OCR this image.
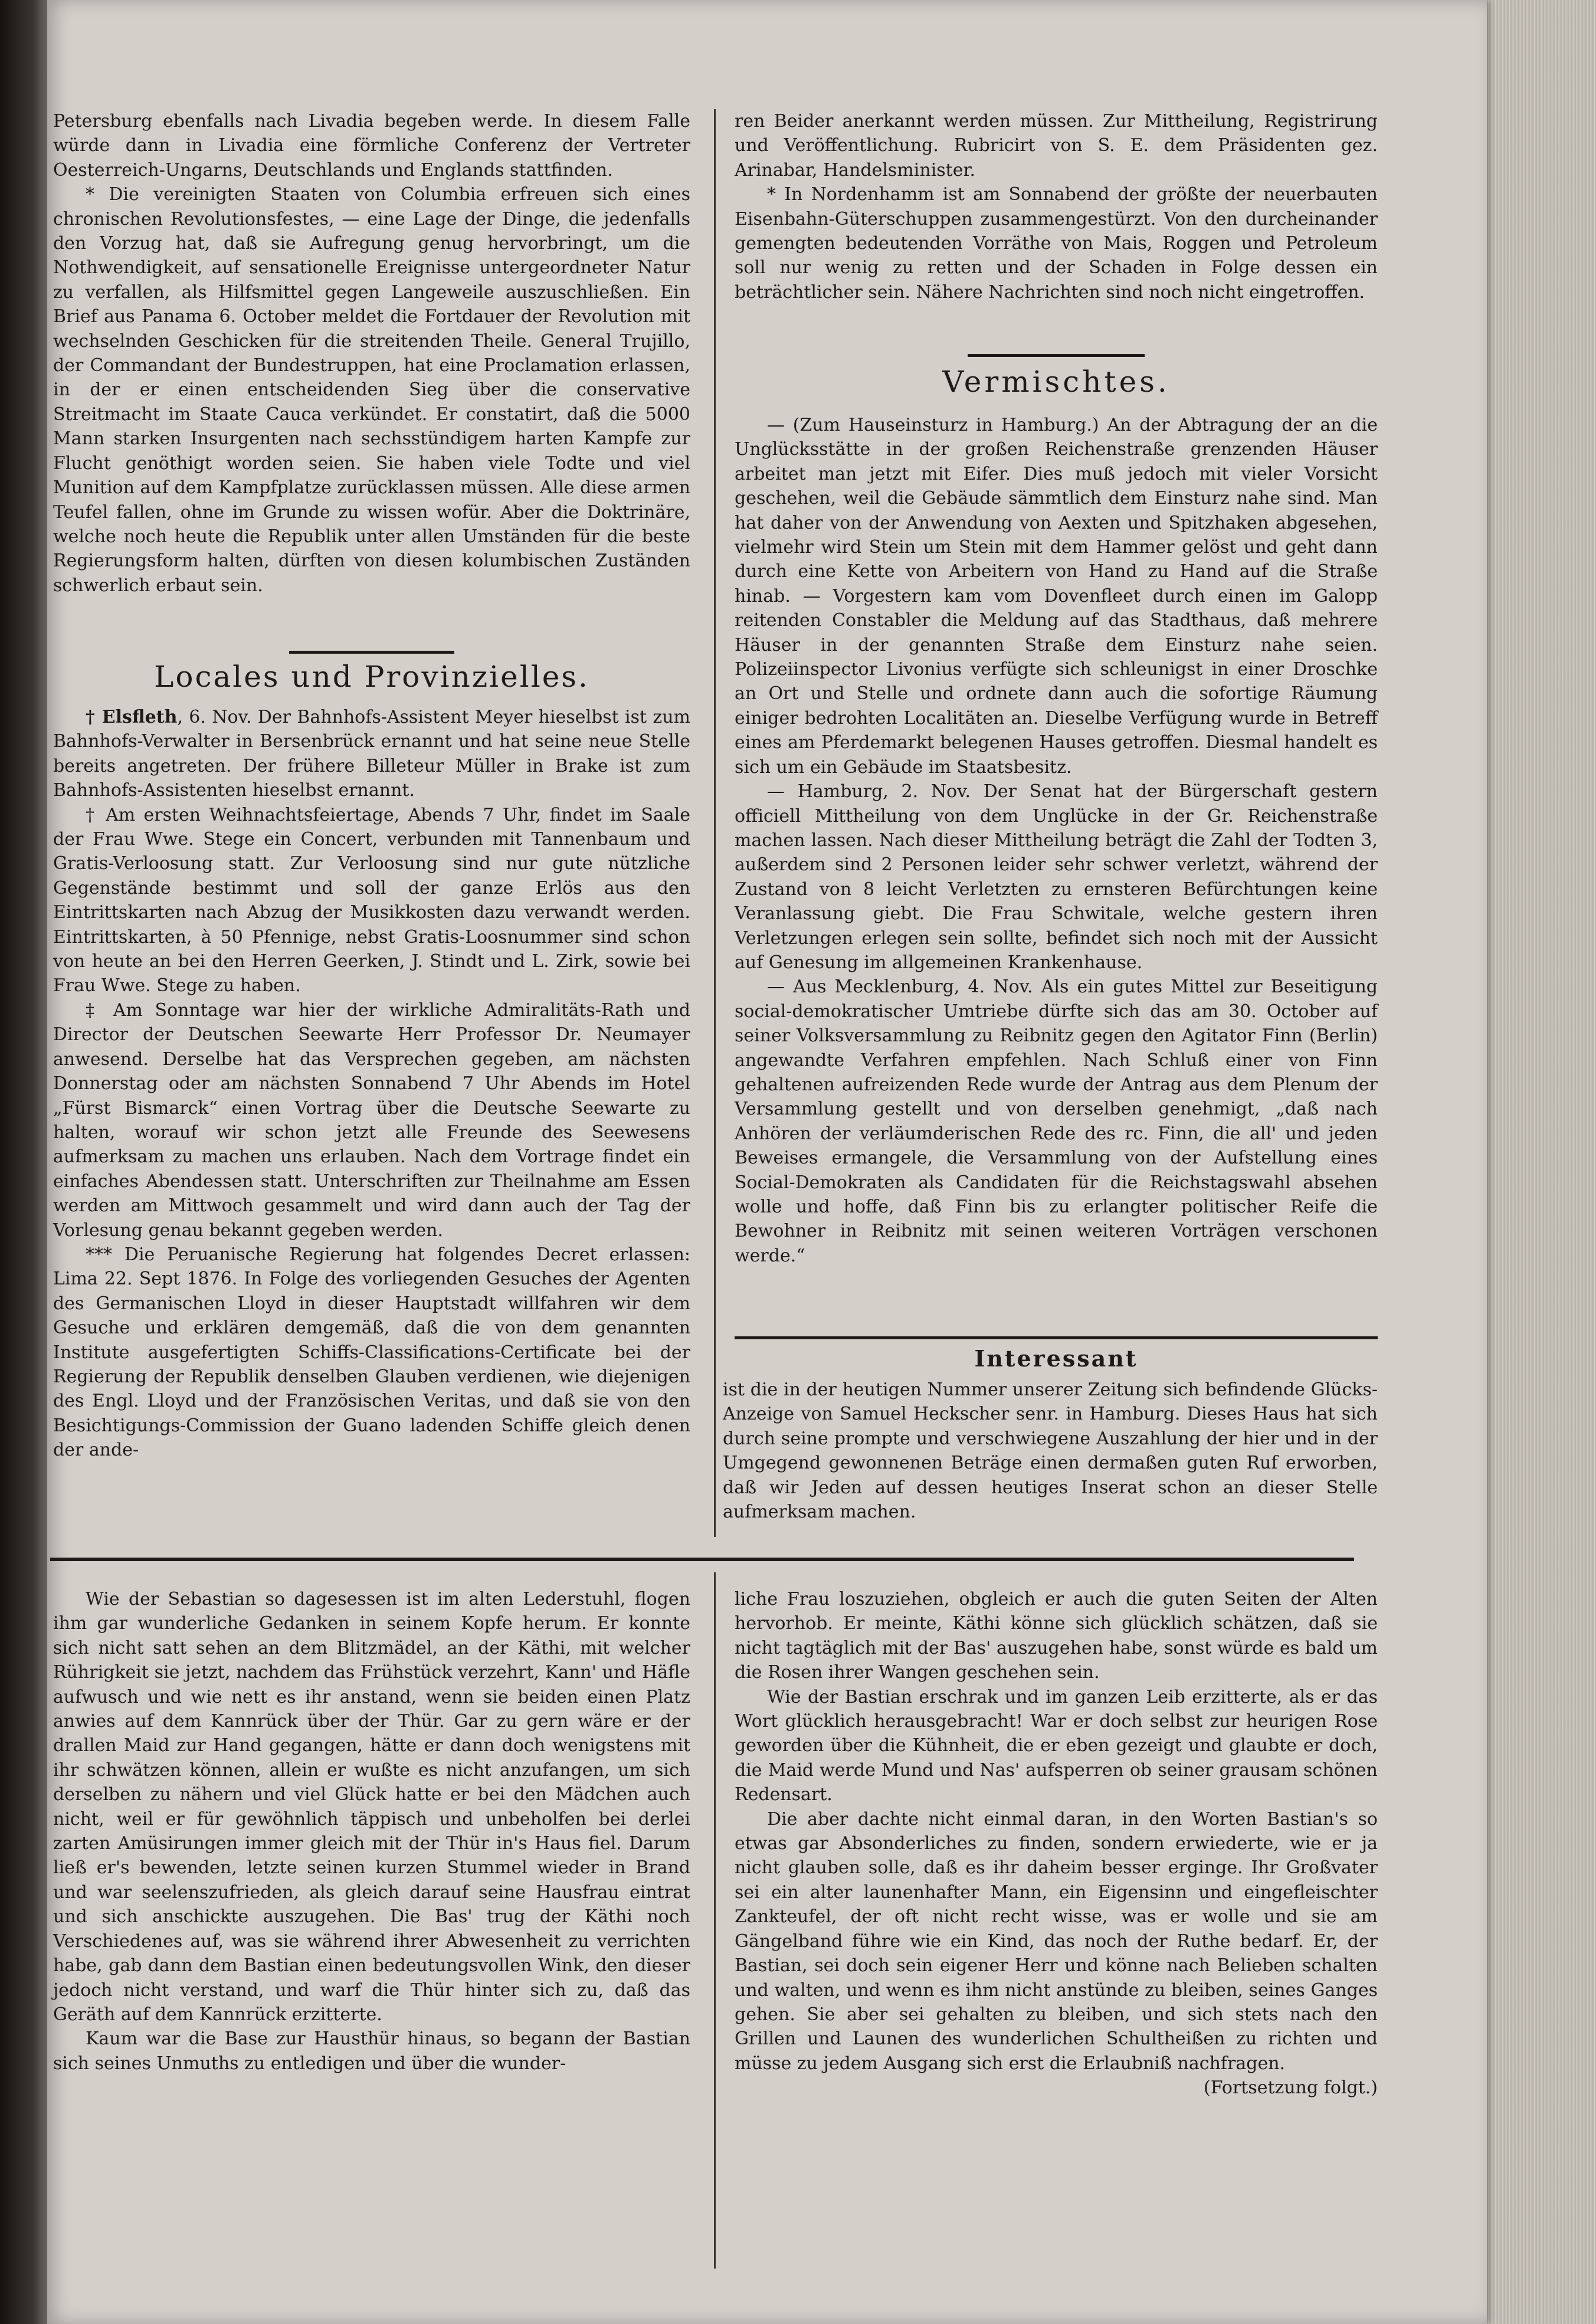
Petersburg ebenfalls nach Livadia begeben werde. In diesem Falle würde dann in Livadia eine förmliche Conferenz der Vertreter Oesterreich-Ungarns, Deutschlands und Englands stattfinden.

* Die vereinigten Staaten von Columbia erfreuen sich eines chronischen Revolutionsfestes, — eine Lage der Dinge, die jedenfalls den Vorzug hat, daß sie Aufregung genug hervorbringt, um die Nothwendigkeit, auf sensationelle Ereignisse untergeordneter Natur zu verfallen, als Hilfsmittel gegen Langeweile auszuschließen. Ein Brief aus Panama 6. October meldet die Fortdauer der Revolution mit wechselnden Geschicken für die streitenden Theile. General Trujillo, der Commandant der Bundestruppen, hat eine Proclamation erlassen, in der er einen entscheidenden Sieg über die conservative Streitmacht im Staate Cauca verkündet. Er constatirt, daß die 5000 Mann starken Insurgenten nach sechsstündigem harten Kampfe zur Flucht genöthigt worden seien. Sie haben viele Todte und viel Munition auf dem Kampfplatze zurücklassen müssen. Alle diese armen Teufel fallen, ohne im Grunde zu wissen wofür. Aber die Doktrinäre, welche noch heute die Republik unter allen Umständen für die beste Regierungsform halten, dürften von diesen kolumbischen Zuständen schwerlich erbaut sein.

Locales und Provinzielles.

† Elsfleth, 6. Nov. Der Bahnhofs-Assistent Meyer hieselbst ist zum Bahnhofs-Verwalter in Bersenbrück ernannt und hat seine neue Stelle bereits angetreten. Der frühere Billeteur Müller in Brake ist zum Bahnhofs-Assistenten hieselbst ernannt.

† Am ersten Weihnachtsfeiertage, Abends 7 Uhr, findet im Saale der Frau Wwe. Stege ein Concert, verbunden mit Tannenbaum und Gratis-Verloosung statt. Zur Verloosung sind nur gute nützliche Gegenstände bestimmt und soll der ganze Erlös aus den Eintrittskarten nach Abzug der Musikkosten dazu verwandt werden. Eintrittskarten, à 50 Pfennige, nebst Gratis-Loosnummer sind schon von heute an bei den Herren Geerken, J. Stindt und L. Zirk, sowie bei Frau Wwe. Stege zu haben.

‡ Am Sonntage war hier der wirkliche Admiralitäts-Rath und Director der Deutschen Seewarte Herr Professor Dr. Neumayer anwesend. Derselbe hat das Versprechen gegeben, am nächsten Donnerstag oder am nächsten Sonnabend 7 Uhr Abends im Hotel „Fürst Bismarck“ einen Vortrag über die Deutsche Seewarte zu halten, worauf wir schon jetzt alle Freunde des Seewesens aufmerksam zu machen uns erlauben. Nach dem Vortrage findet ein einfaches Abendessen statt. Unterschriften zur Theilnahme am Essen werden am Mittwoch gesammelt und wird dann auch der Tag der Vorlesung genau bekannt gegeben werden.

*** Die Peruanische Regierung hat folgendes Decret erlassen: Lima 22. Sept 1876. In Folge des vorliegenden Gesuches der Agenten des Germanischen Lloyd in dieser Hauptstadt willfahren wir dem Gesuche und erklären demgemäß, daß die von dem genannten Institute ausgefertigten Schiffs-Classifications-Certificate bei der Regierung der Republik denselben Glauben verdienen, wie diejenigen des Engl. Lloyd und der Französischen Veritas, und daß sie von den Besichtigungs-Commission der Guano ladenden Schiffe gleich denen der ande-

ren Beider anerkannt werden müssen. Zur Mittheilung, Registrirung und Veröffentlichung. Rubricirt von S. E. dem Präsidenten gez. Arinabar, Handelsminister.

* In Nordenhamm ist am Sonnabend der größte der neuerbauten Eisenbahn-Güterschuppen zusammengestürzt. Von den durcheinander gemengten bedeutenden Vorräthe von Mais, Roggen und Petroleum soll nur wenig zu retten und der Schaden in Folge dessen ein beträchtlicher sein. Nähere Nachrichten sind noch nicht eingetroffen.

Vermischtes.

— (Zum Hauseinsturz in Hamburg.) An der Abtragung der an die Unglücksstätte in der großen Reichenstraße grenzenden Häuser arbeitet man jetzt mit Eifer. Dies muß jedoch mit vieler Vorsicht geschehen, weil die Gebäude sämmtlich dem Einsturz nahe sind. Man hat daher von der Anwendung von Aexten und Spitzhaken abgesehen, vielmehr wird Stein um Stein mit dem Hammer gelöst und geht dann durch eine Kette von Arbeitern von Hand zu Hand auf die Straße hinab. — Vorgestern kam vom Dovenfleet durch einen im Galopp reitenden Constabler die Meldung auf das Stadthaus, daß mehrere Häuser in der genannten Straße dem Einsturz nahe seien. Polizeiinspector Livonius verfügte sich schleunigst in einer Droschke an Ort und Stelle und ordnete dann auch die sofortige Räumung einiger bedrohten Localitäten an. Dieselbe Verfügung wurde in Betreff eines am Pferdemarkt belegenen Hauses getroffen. Diesmal handelt es sich um ein Gebäude im Staatsbesitz.

— Hamburg, 2. Nov. Der Senat hat der Bürgerschaft gestern officiell Mittheilung von dem Unglücke in der Gr. Reichenstraße machen lassen. Nach dieser Mittheilung beträgt die Zahl der Todten 3, außerdem sind 2 Personen leider sehr schwer verletzt, während der Zustand von 8 leicht Verletzten zu ernsteren Befürchtungen keine Veranlassung giebt. Die Frau Schwitale, welche gestern ihren Verletzungen erlegen sein sollte, befindet sich noch mit der Aussicht auf Genesung im allgemeinen Krankenhause.

— Aus Mecklenburg, 4. Nov. Als ein gutes Mittel zur Beseitigung social-demokratischer Umtriebe dürfte sich das am 30. October auf seiner Volksversammlung zu Reibnitz gegen den Agitator Finn (Berlin) angewandte Verfahren empfehlen. Nach Schluß einer von Finn gehaltenen aufreizenden Rede wurde der Antrag aus dem Plenum der Versammlung gestellt und von derselben genehmigt, „daß nach Anhören der verläumderischen Rede des rc. Finn, die all' und jeden Beweises ermangele, die Versammlung von der Aufstellung eines Social-Demokraten als Candidaten für die Reichstagswahl absehen wolle und hoffe, daß Finn bis zu erlangter politischer Reife die Bewohner in Reibnitz mit seinen weiteren Vorträgen verschonen werde.“

Interessant

ist die in der heutigen Nummer unserer Zeitung sich befindende Glücks-Anzeige von Samuel Heckscher senr. in Hamburg. Dieses Haus hat sich durch seine prompte und verschwiegene Auszahlung der hier und in der Umgegend gewonnenen Beträge einen dermaßen guten Ruf erworben, daß wir Jeden auf dessen heutiges Inserat schon an dieser Stelle aufmerksam machen.

Wie der Sebastian so dagesessen ist im alten Lederstuhl, flogen ihm gar wunderliche Gedanken in seinem Kopfe herum. Er konnte sich nicht satt sehen an dem Blitzmädel, an der Käthi, mit welcher Rührigkeit sie jetzt, nachdem das Frühstück verzehrt, Kann' und Häfle aufwusch und wie nett es ihr anstand, wenn sie beiden einen Platz anwies auf dem Kannrück über der Thür. Gar zu gern wäre er der drallen Maid zur Hand gegangen, hätte er dann doch wenigstens mit ihr schwätzen können, allein er wußte es nicht anzufangen, um sich derselben zu nähern und viel Glück hatte er bei den Mädchen auch nicht, weil er für gewöhnlich täppisch und unbeholfen bei derlei zarten Amüsirungen immer gleich mit der Thür in's Haus fiel. Darum ließ er's bewenden, letzte seinen kurzen Stummel wieder in Brand und war seelenszufrieden, als gleich darauf seine Hausfrau eintrat und sich anschickte auszugehen. Die Bas' trug der Käthi noch Verschiedenes auf, was sie während ihrer Abwesenheit zu verrichten habe, gab dann dem Bastian einen bedeutungsvollen Wink, den dieser jedoch nicht verstand, und warf die Thür hinter sich zu, daß das Geräth auf dem Kannrück erzitterte.

Kaum war die Base zur Hausthür hinaus, so begann der Bastian sich seines Unmuths zu entledigen und über die wunder-

liche Frau loszuziehen, obgleich er auch die guten Seiten der Alten hervorhob. Er meinte, Käthi könne sich glücklich schätzen, daß sie nicht tagtäglich mit der Bas' auszugehen habe, sonst würde es bald um die Rosen ihrer Wangen geschehen sein.

Wie der Bastian erschrak und im ganzen Leib erzitterte, als er das Wort glücklich herausgebracht! War er doch selbst zur heurigen Rose geworden über die Kühnheit, die er eben gezeigt und glaubte er doch, die Maid werde Mund und Nas' aufsperren ob seiner grausam schönen Redensart.

Die aber dachte nicht einmal daran, in den Worten Bastian's so etwas gar Absonderliches zu finden, sondern erwiederte, wie er ja nicht glauben solle, daß es ihr daheim besser erginge. Ihr Großvater sei ein alter launenhafter Mann, ein Eigensinn und eingefleischter Zankteufel, der oft nicht recht wisse, was er wolle und sie am Gängelband führe wie ein Kind, das noch der Ruthe bedarf. Er, der Bastian, sei doch sein eigener Herr und könne nach Belieben schalten und walten, und wenn es ihm nicht anstünde zu bleiben, seines Ganges gehen. Sie aber sei gehalten zu bleiben, und sich stets nach den Grillen und Launen des wunderlichen Schultheißen zu richten und müsse zu jedem Ausgang sich erst die Erlaubniß nachfragen.

(Fortsetzung folgt.)
